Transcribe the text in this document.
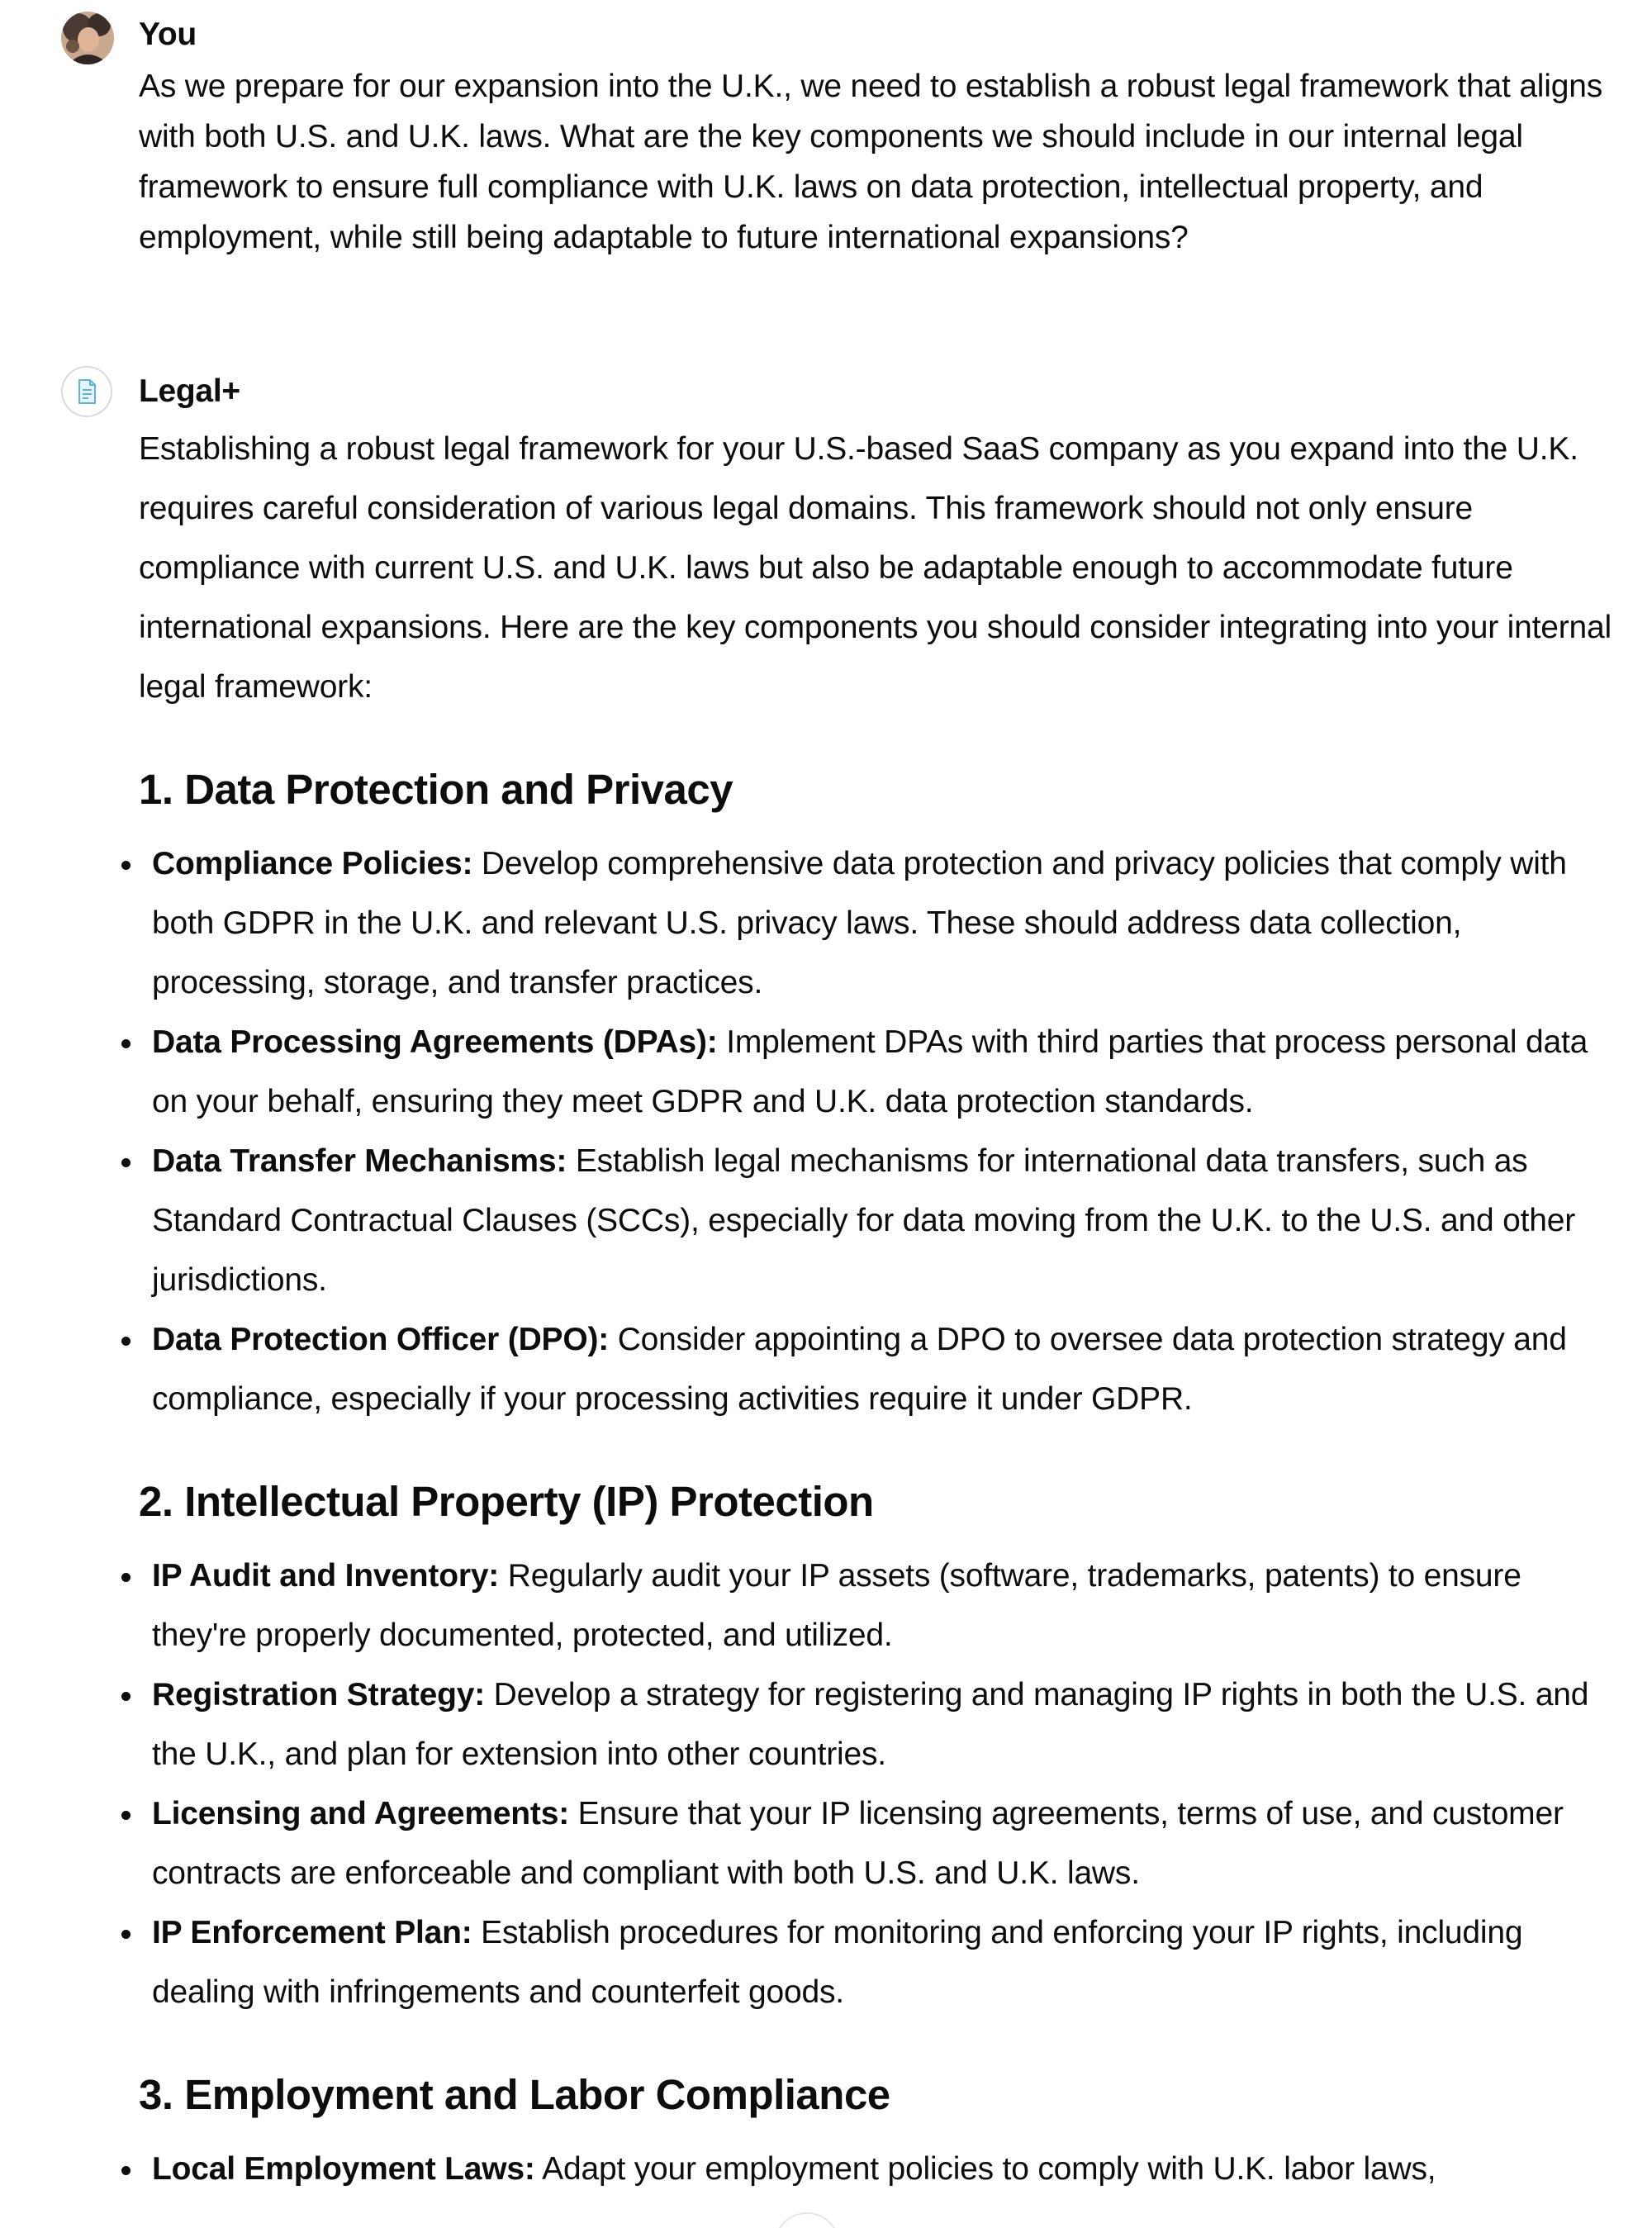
You

As we prepare for our expansion into the U.K., we need to establish a robust legal framework that aligns with both U.S. and U.K. laws. What are the key components we should include in our internal legal framework to ensure full compliance with U.K. laws on data protection, intellectual property, and employment, while still being adaptable to future international expansions?

Legal+

Establishing a robust legal framework for your U.S.-based SaaS company as you expand into the U.K. requires careful consideration of various legal domains. This framework should not only ensure compliance with current U.S. and U.K. laws but also be adaptable enough to accommodate future international expansions. Here are the key components you should consider integrating into your internal legal framework:

1. Data Protection and Privacy
Compliance Policies: Develop comprehensive data protection and privacy policies that comply with both GDPR in the U.K. and relevant U.S. privacy laws. These should address data collection, processing, storage, and transfer practices.
Data Processing Agreements (DPAs): Implement DPAs with third parties that process personal data on your behalf, ensuring they meet GDPR and U.K. data protection standards.
Data Transfer Mechanisms: Establish legal mechanisms for international data transfers, such as Standard Contractual Clauses (SCCs), especially for data moving from the U.K. to the U.S. and other jurisdictions.
Data Protection Officer (DPO): Consider appointing a DPO to oversee data protection strategy and compliance, especially if your processing activities require it under GDPR.
2. Intellectual Property (IP) Protection
IP Audit and Inventory: Regularly audit your IP assets (software, trademarks, patents) to ensure they're properly documented, protected, and utilized.
Registration Strategy: Develop a strategy for registering and managing IP rights in both the U.S. and the U.K., and plan for extension into other countries.
Licensing and Agreements: Ensure that your IP licensing agreements, terms of use, and customer contracts are enforceable and compliant with both U.S. and U.K. laws.
IP Enforcement Plan: Establish procedures for monitoring and enforcing your IP rights, including dealing with infringements and counterfeit goods.
3. Employment and Labor Compliance
Local Employment Laws: Adapt your employment policies to comply with U.K. labor laws,
